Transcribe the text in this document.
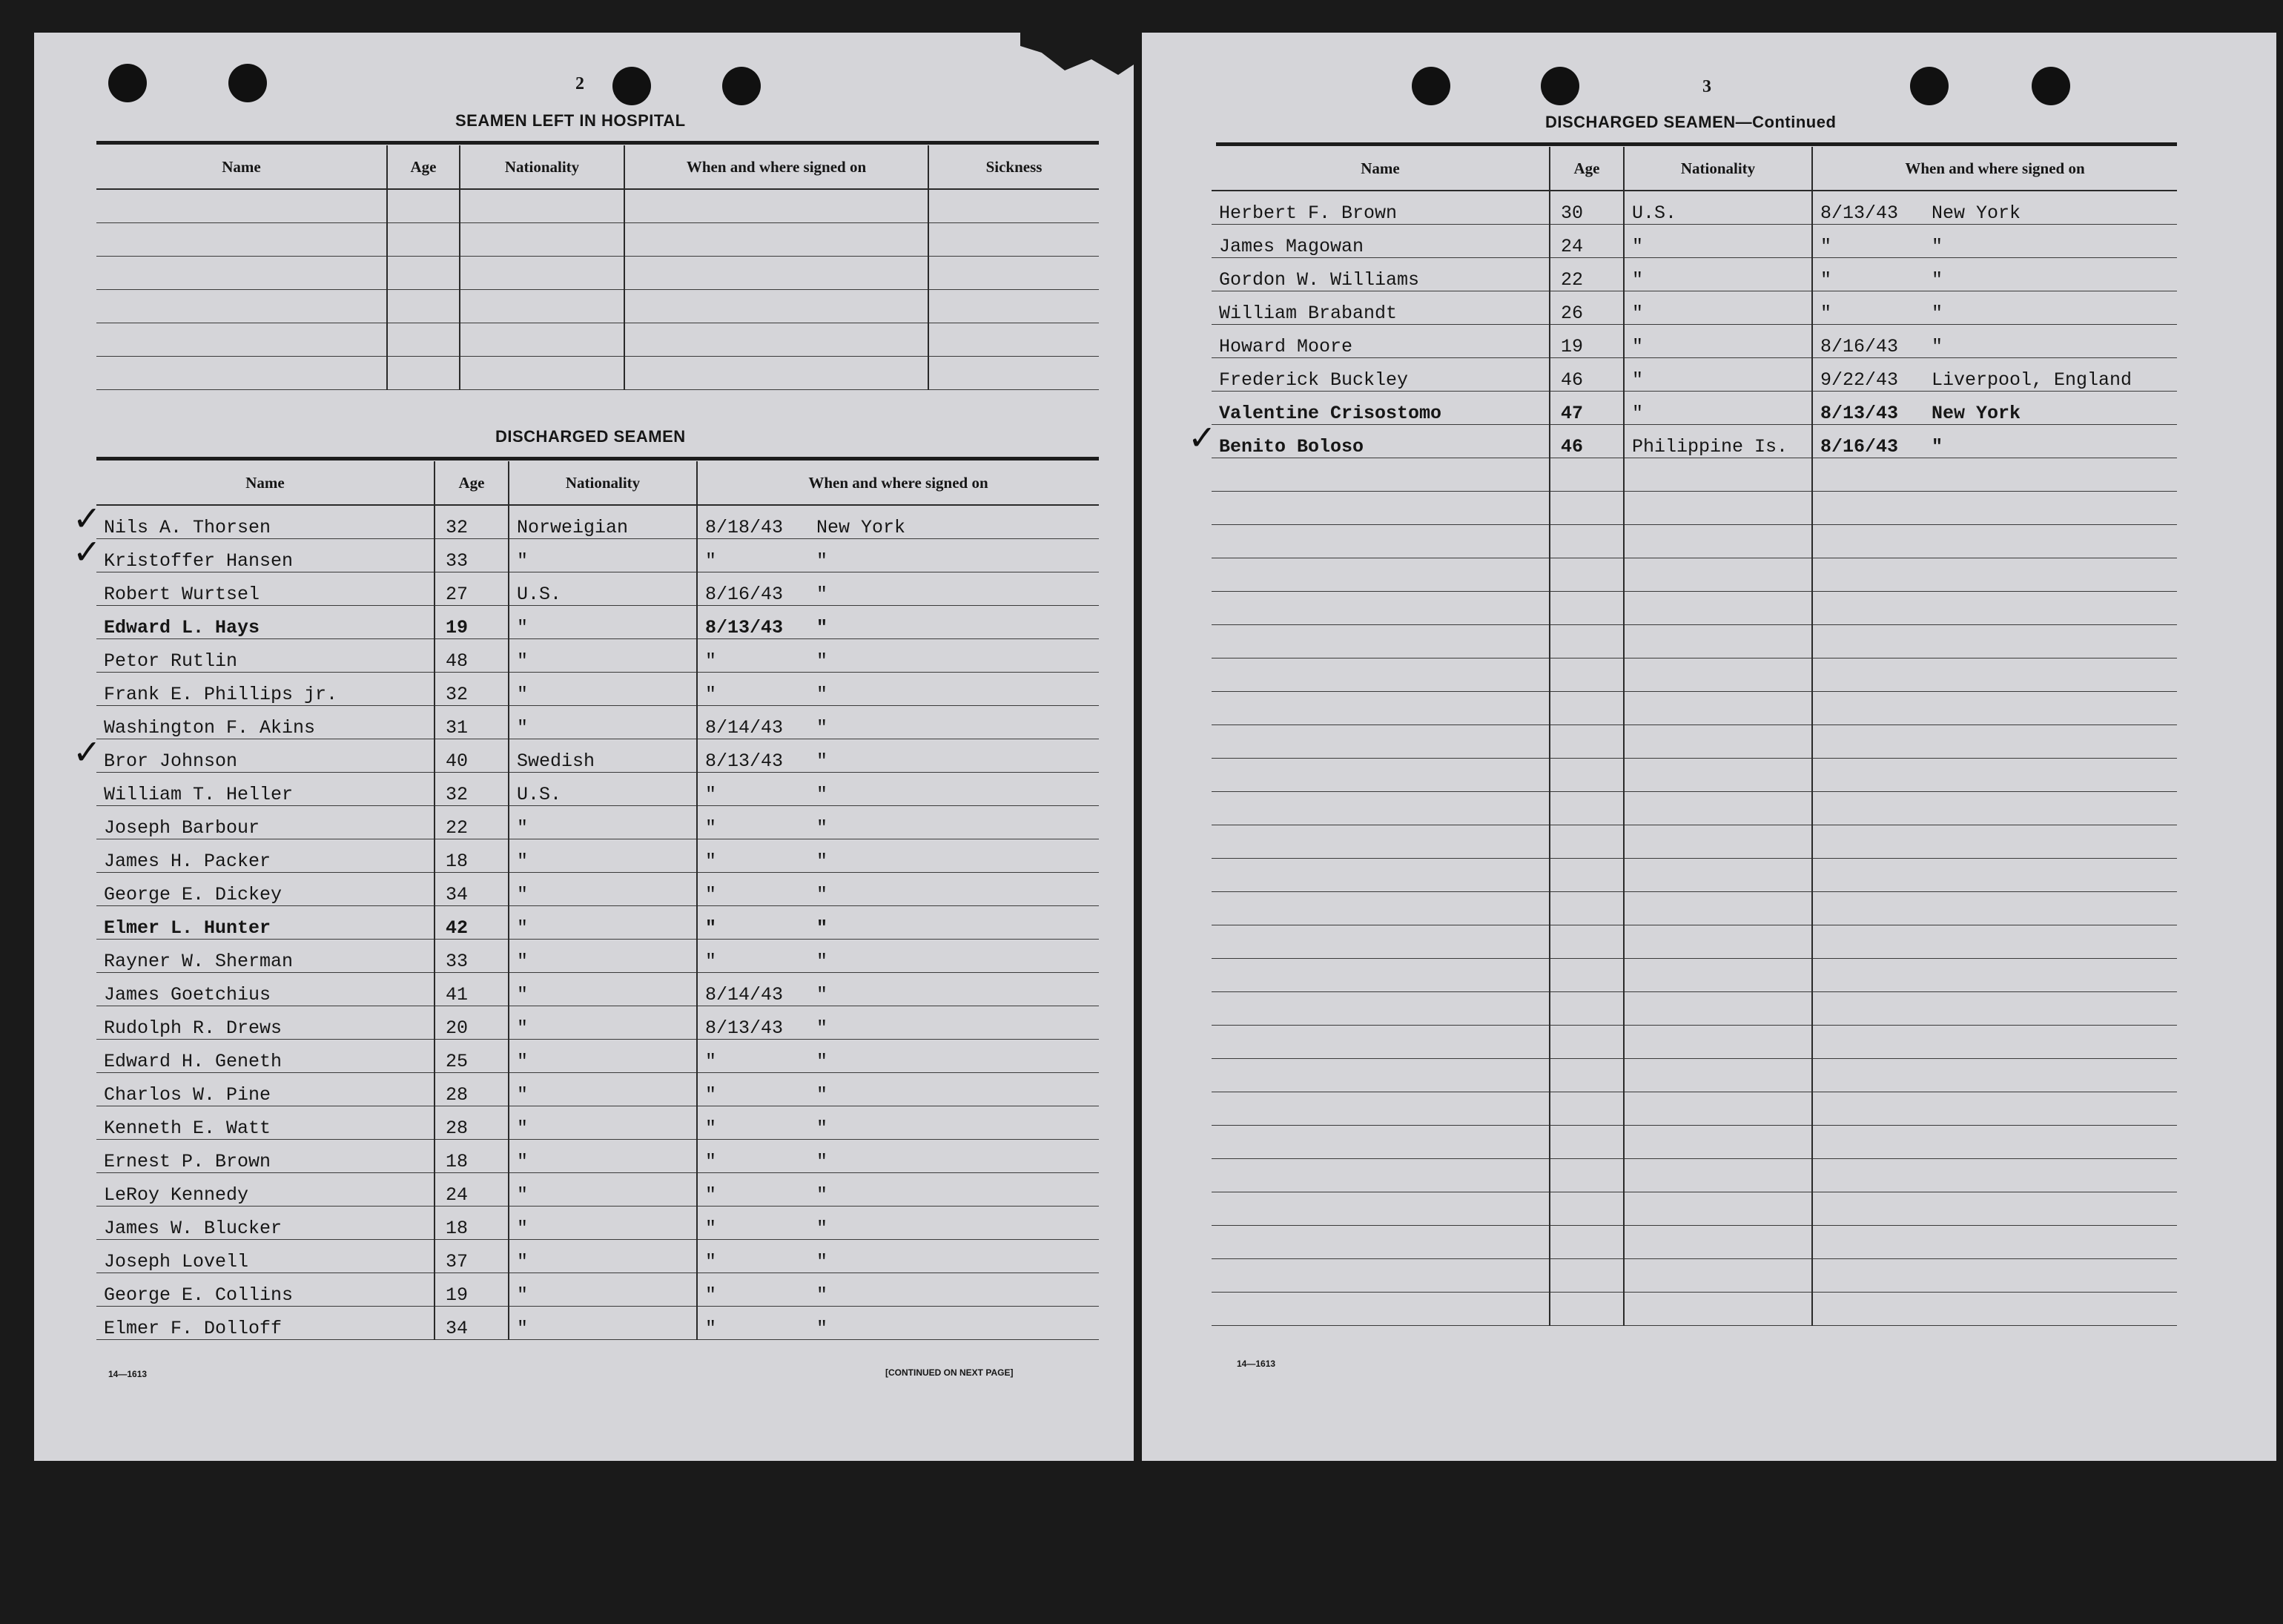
2
SEAMEN LEFT IN HOSPITAL
Name	Age	Nationality	When and where signed on	Sickness

DISCHARGED SEAMEN
Name	Age	Nationality	When and where signed on
Nils A. Thorsen	32	Norweigian	8/18/43 New York
Kristoffer Hansen	33	"	" "
Robert Wurtsel	27	U.S.	8/16/43 "
Edward L. Hays	19	"	8/13/43 "
Petor Rutlin	48	"	" "
Frank E. Phillips jr.	32	"	" "
Washington F. Akins	31	"	8/14/43 "
Bror Johnson	40	Swedish	8/13/43 "
William T. Heller	32	U.S.	" "
Joseph Barbour	22	"	" "
James H. Packer	18	"	" "
George E. Dickey	34	"	" "
Elmer L. Hunter	42	"	" "
Rayner W. Sherman	33	"	" "
James Goetchius	41	"	8/14/43 "
Rudolph R. Drews	20	"	8/13/43 "
Edward H. Geneth	25	"	" "
Charlos W. Pine	28	"	" "
Kenneth E. Watt	28	"	" "
Ernest P. Brown	18	"	" "
LeRoy Kennedy	24	"	" "
James W. Blucker	18	"	" "
Joseph Lovell	37	"	" "
George E. Collins	19	"	" "
Elmer F. Dolloff	34	"	" "
✓
✓
✓
14—1613	[CONTINUED ON NEXT PAGE]
3
DISCHARGED SEAMEN—Continued
Name	Age	Nationality	When and where signed on
Herbert F. Brown	30	U.S.	8/13/43 New York
James Magowan	24	"	" "
Gordon W. Williams	22	"	" "
William Brabandt	26	"	" "
Howard Moore	19	"	8/16/43 "
Frederick Buckley	46	"	9/22/43 Liverpool, England
Valentine Crisostomo	47	"	8/13/43 New York
Benito Boloso	46	Philippine Is.	8/16/43 "

✓
14—1613
